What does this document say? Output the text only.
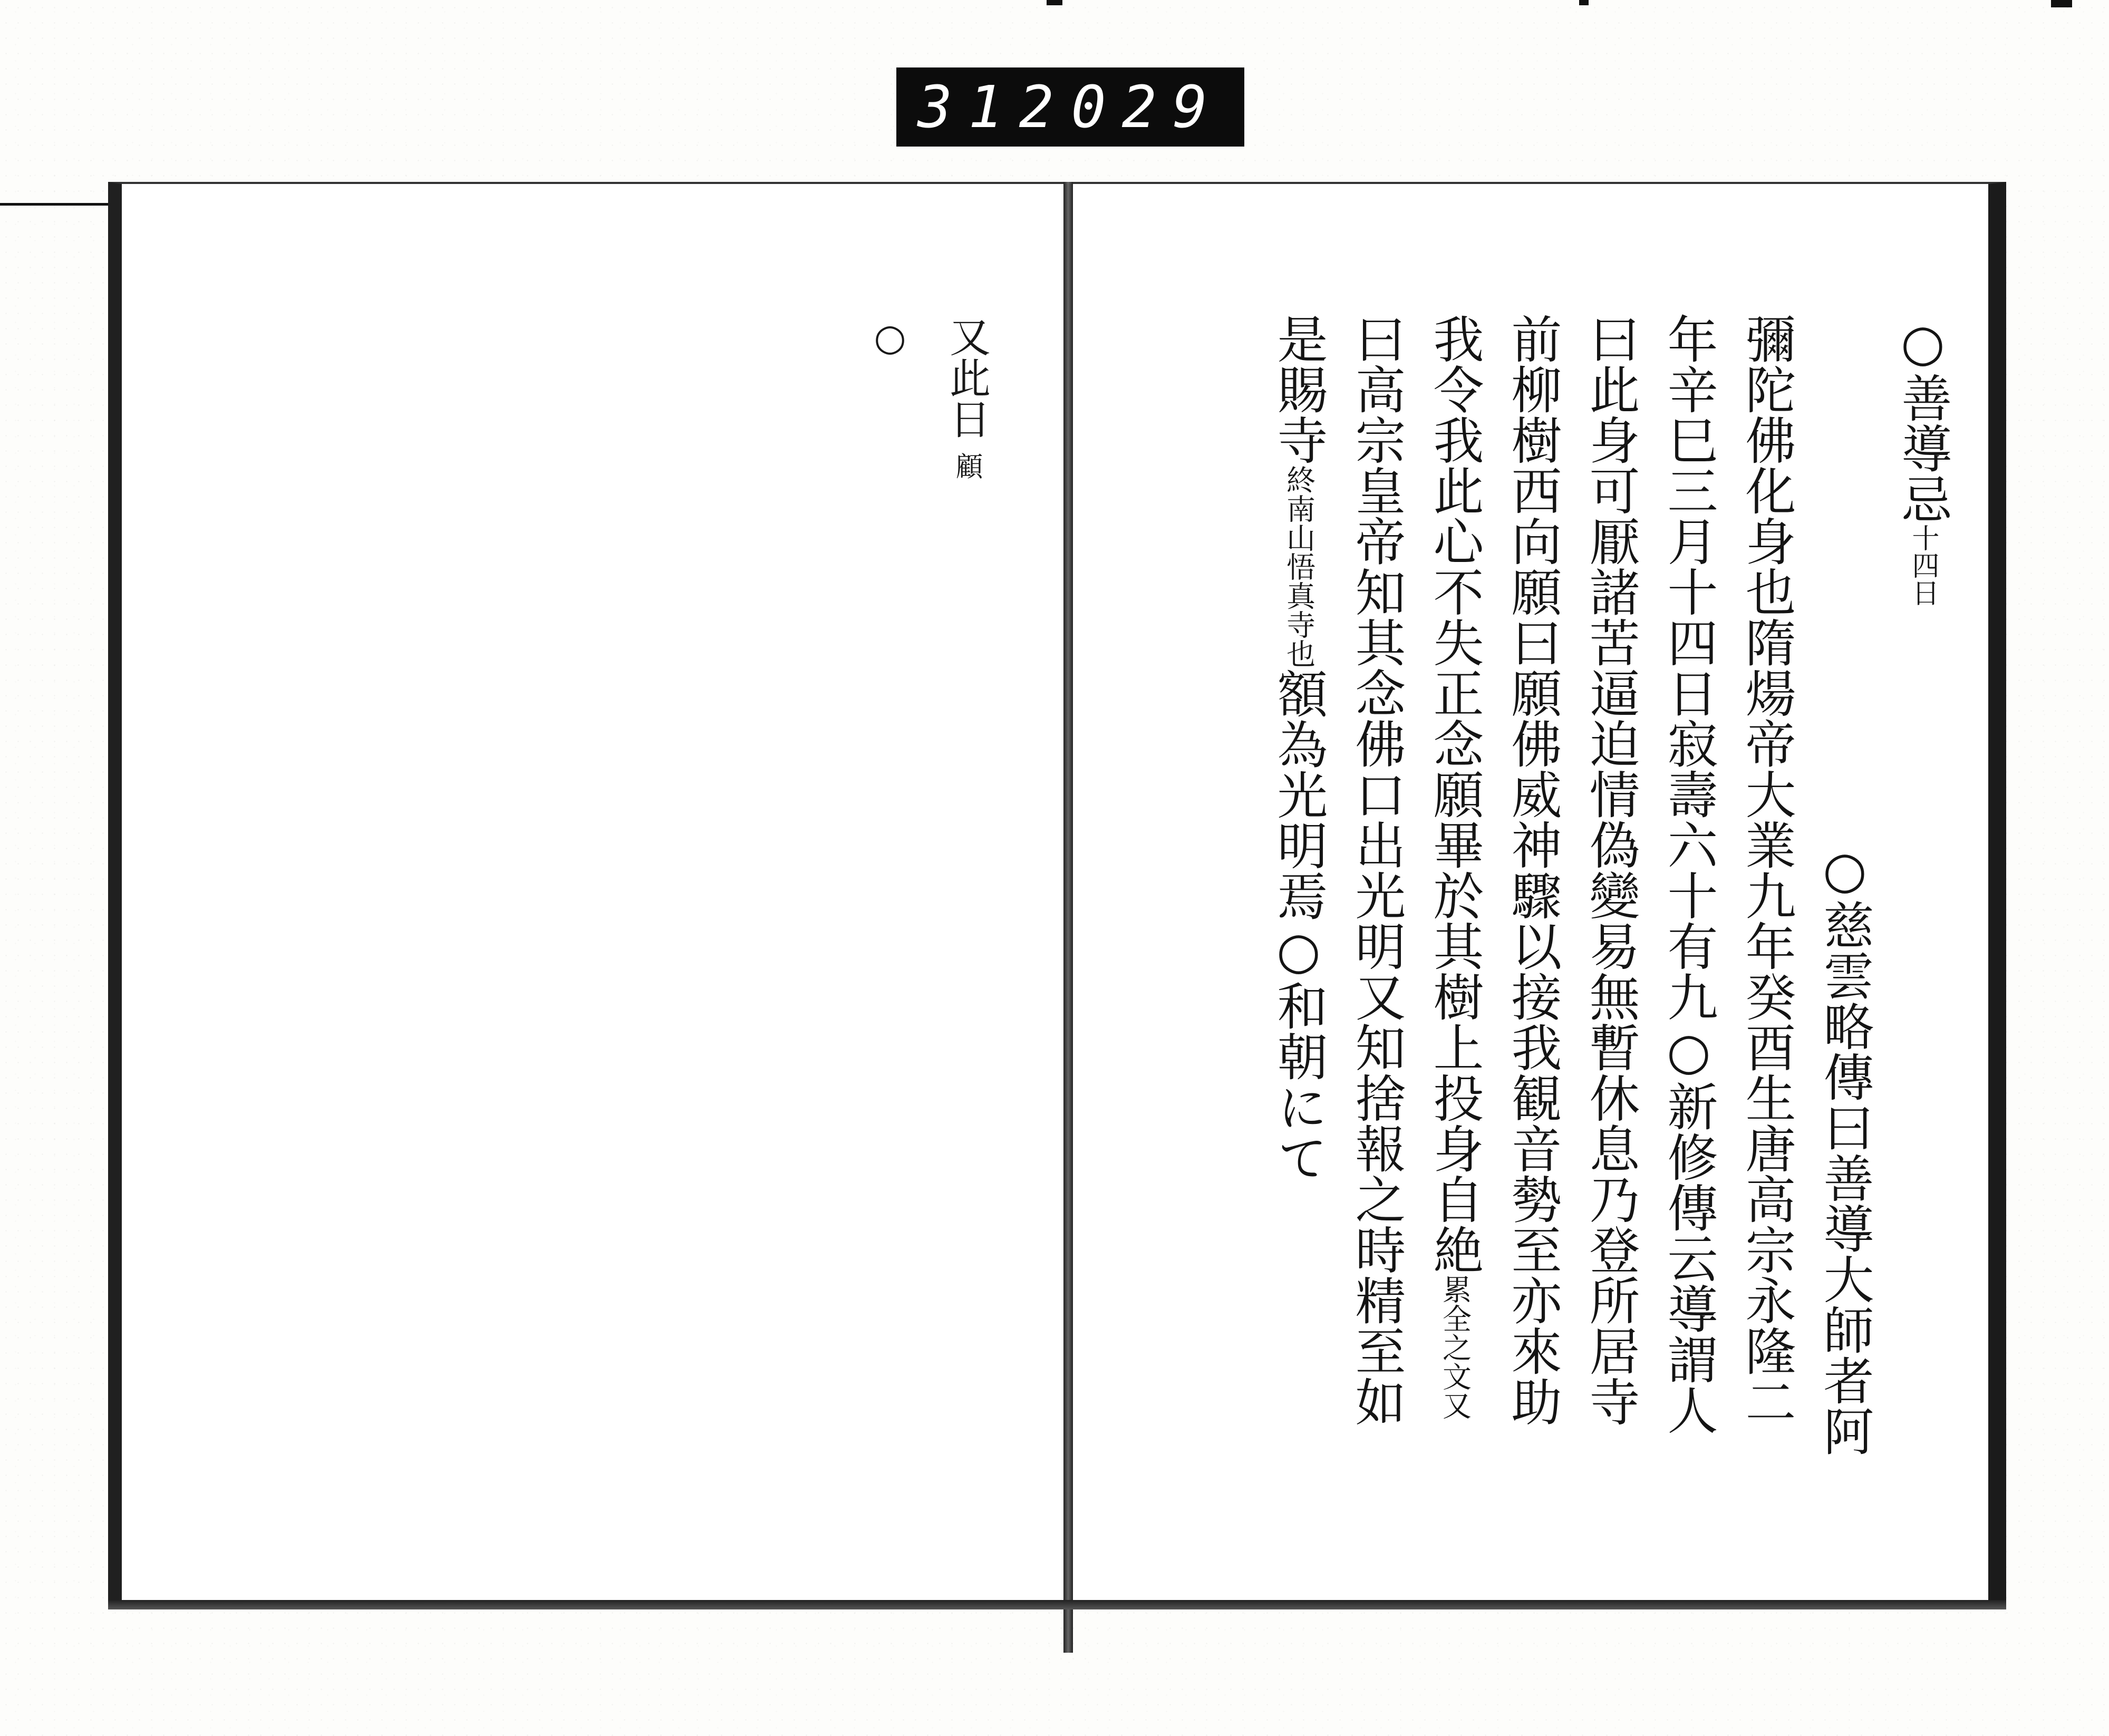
312 029
又此日 顧
○	○善導忌十四日
○慈雲略傳曰善導大師者阿
彌陀佛化身也隋煬帝大業九年癸酉生唐高宗永隆二
年辛巳三月十四日寂壽六十有九○新修傳云導謂人
曰此身可厭諸苦逼迫情偽變易無暫休息乃登所居寺
前柳樹西向願曰願佛威神驟以接我観音勢至亦來助
我令我此心不失正念願畢於其樹上投身自絶累全之文又
曰高宗皇帝知其念佛口出光明又知捨報之時精至如
是賜寺終南山悟真寺也額為光明焉○和朝にて
